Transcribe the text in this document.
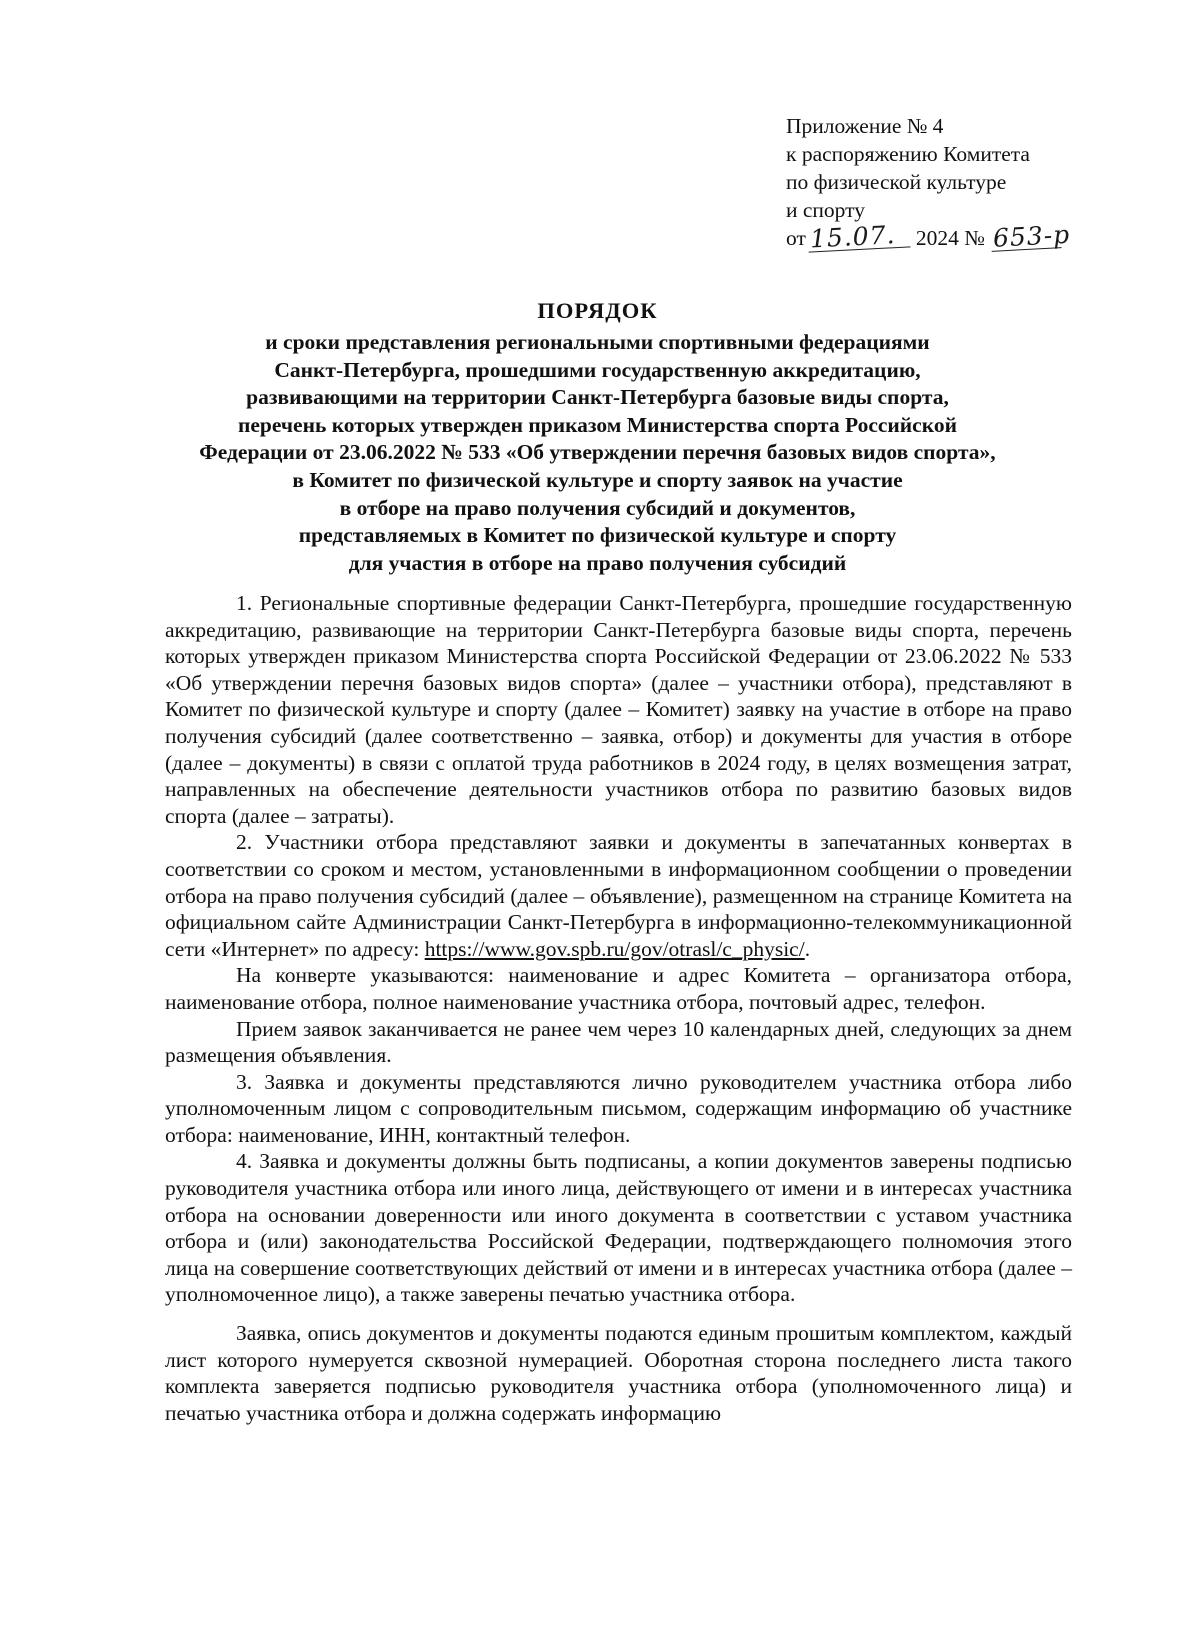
Приложение № 4
к распоряжению Комитета
по физической культуре
и спорту
от 15.07. 2024 № 653-р
ПОРЯДОК
и сроки представления региональными спортивными федерациями
Санкт-Петербурга, прошедшими государственную аккредитацию,
развивающими на территории Санкт-Петербурга базовые виды спорта,
перечень которых утвержден приказом Министерства спорта Российской
Федерации от 23.06.2022 № 533 «Об утверждении перечня базовых видов спорта»,
в Комитет по физической культуре и спорту заявок на участие
в отборе на право получения субсидий и документов,
представляемых в Комитет по физической культуре и спорту
для участия в отборе на право получения субсидий

1. Региональные спортивные федерации Санкт-Петербурга, прошедшие государственную аккредитацию, развивающие на территории Санкт-Петербурга базовые виды спорта, перечень которых утвержден приказом Министерства спорта Российской Федерации от 23.06.2022 № 533 «Об утверждении перечня базовых видов спорта» (далее – участники отбора), представляют в Комитет по физической культуре и спорту (далее – Комитет) заявку на участие в отборе на право получения субсидий (далее соответственно – заявка, отбор) и документы для участия в отборе (далее – документы) в связи с оплатой труда работников в 2024 году, в целях возмещения затрат, направленных на обеспечение деятельности участников отбора по развитию базовых видов спорта (далее – затраты).

2. Участники отбора представляют заявки и документы в запечатанных конвертах в соответствии со сроком и местом, установленными в информационном сообщении о проведении отбора на право получения субсидий (далее – объявление), размещенном на странице Комитета на официальном сайте Администрации Санкт-Петербурга в информационно-телекоммуникационной сети «Интернет» по адресу: https://www.gov.spb.ru/gov/otrasl/c_physic/.

На конверте указываются: наименование и адрес Комитета – организатора отбора, наименование отбора, полное наименование участника отбора, почтовый адрес, телефон.

Прием заявок заканчивается не ранее чем через 10 календарных дней, следующих за днем размещения объявления.

3. Заявка и документы представляются лично руководителем участника отбора либо уполномоченным лицом с сопроводительным письмом, содержащим информацию об участнике отбора: наименование, ИНН, контактный телефон.

4. Заявка и документы должны быть подписаны, а копии документов заверены подписью руководителя участника отбора или иного лица, действующего от имени и в интересах участника отбора на основании доверенности или иного документа в соответствии с уставом участника отбора и (или) законодательства Российской Федерации, подтверждающего полномочия этого лица на совершение соответствующих действий от имени и в интересах участника отбора (далее – уполномоченное лицо), а также заверены печатью участника отбора.

Заявка, опись документов и документы подаются единым прошитым комплектом, каждый лист которого нумеруется сквозной нумерацией. Оборотная сторона последнего листа такого комплекта заверяется подписью руководителя участника отбора (уполномоченного лица) и печатью участника отбора и должна содержать информацию
